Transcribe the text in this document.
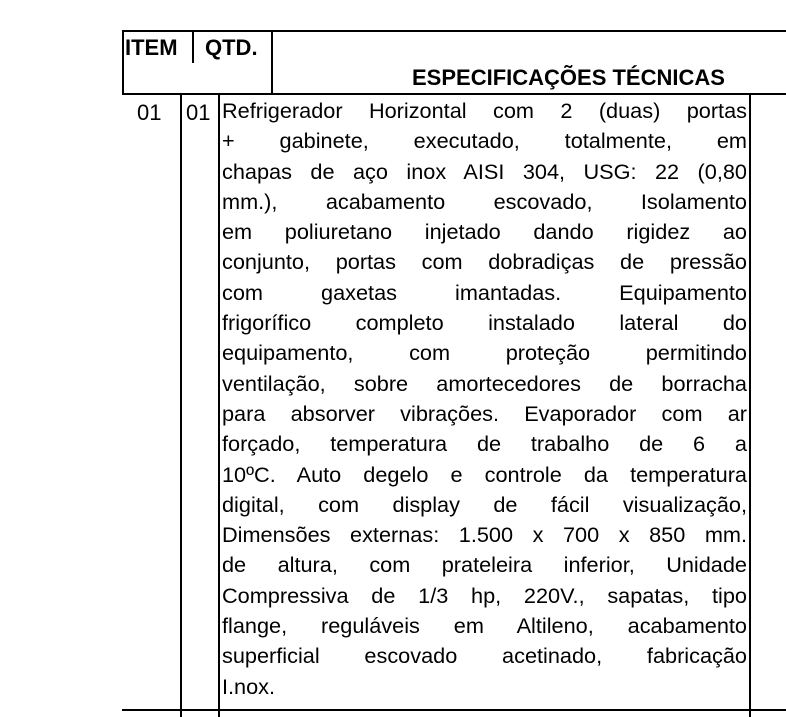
ITEM QTD.
ESPECIFICAÇÕES TÉCNICAS
01 01 Refrigerador Horizontal com 2 (duas) portas
+ gabinete, executado, totalmente, em
chapas de aço inox AISI 304, USG: 22 (0,80
mm.), acabamento escovado, Isolamento
em poliuretano injetado dando rigidez ao
conjunto, portas com dobradiças de pressão
com gaxetas imantadas. Equipamento
frigorífico completo instalado lateral do
equipamento, com proteção permitindo
ventilação, sobre amortecedores de borracha
para absorver vibrações. Evaporador com ar
forçado, temperatura de trabalho de 6 a
10ºC. Auto degelo e controle da temperatura
digital, com display de fácil visualização,
Dimensões externas: 1.500 x 700 x 850 mm.
de altura, com prateleira inferior, Unidade
Compressiva de 1/3 hp, 220V., sapatas, tipo
flange, reguláveis em Altileno, acabamento
superficial escovado acetinado, fabricação
I.nox.
